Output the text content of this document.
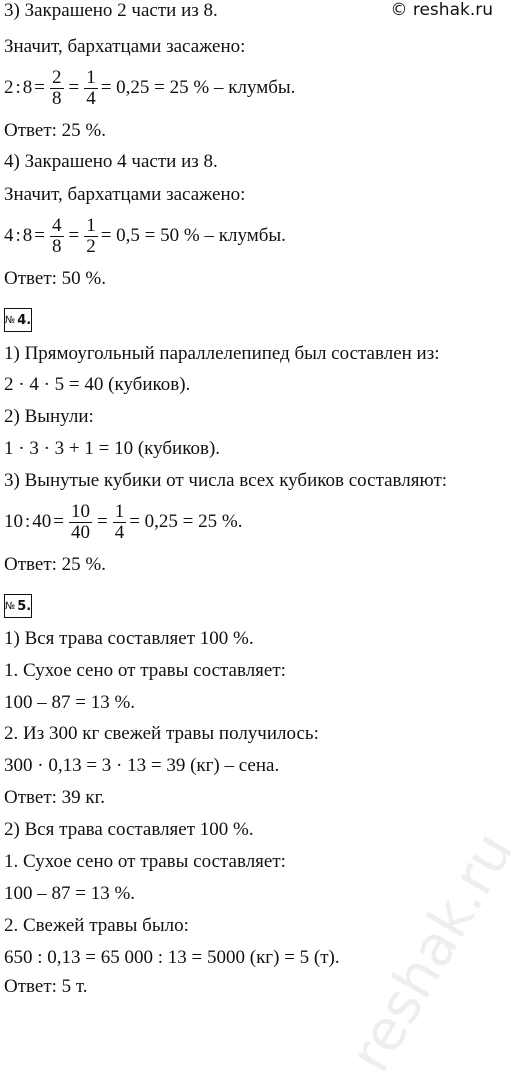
© reshak.ru
3) Закрашено 2 части из 8.
Значит, бархатцами засажено:
2 : $8 = \frac{2}{8} = \frac{1}{4} = 0,25 = 25$ % – клумбы.
Ответ: 25 %.
4) Закрашено 4 части из 8.
Значит, бархатцами засажено:
4 : $8 = \frac{4}{8} = \frac{1}{2} = 0,5 = 50$ % – клумбы.
Ответ: 50 %.
№ 4.
1) Прямоугольный параллелепипед был составлен из:
2 · 4 · 5 = 40 (кубиков).
2) Вынули:
1 · 3 · 3 + 1 = 10 (кубиков).
3) Вынутые кубики от числа всех кубиков составляют:
10 : $40 = \frac{10}{40} = \frac{1}{4} = 0,25 = 25$ %.
Ответ: 25 %.
№ 5.
1) Вся трава составляет 100 %.
1. Сухое сено от травы составляет:
100 – 87 = 13 %.
2. Из 300 кг свежей травы получилось:
300 · 0,13 = 3 · 13 = 39 (кг) – сена.
Ответ: 39 кг.
2) Вся трава составляет 100 %.
1. Сухое сено от травы составляет:
100 – 87 = 13 %.
2. Свежей травы было:
650 : 0,13 = 65 000 : 13 = 5000 (кг) = 5 (т).
Ответ: 5 т.	reshak.ru
